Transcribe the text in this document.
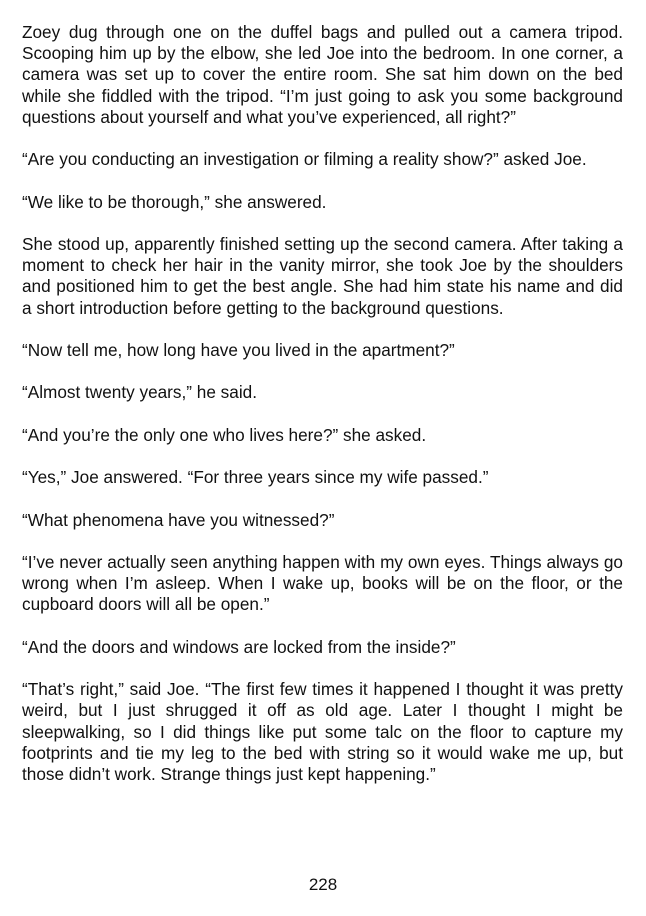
Zoey dug through one on the duffel bags and pulled out a camera tripod. Scooping him up by the elbow, she led Joe into the bedroom. In one corner, a camera was set up to cover the entire room. She sat him down on the bed while she fiddled with the tripod. “I’m just going to ask you some background questions about yourself and what you’ve experienced, all right?”

“Are you conducting an investigation or filming a reality show?” asked Joe.

“We like to be thorough,” she answered.

She stood up, apparently finished setting up the second camera. After taking a moment to check her hair in the vanity mirror, she took Joe by the shoulders and positioned him to get the best angle. She had him state his name and did a short introduction before getting to the background questions.

“Now tell me, how long have you lived in the apartment?”

“Almost twenty years,” he said.

“And you’re the only one who lives here?” she asked.

“Yes,” Joe answered. “For three years since my wife passed.”

“What phenomena have you witnessed?”

“I’ve never actually seen anything happen with my own eyes. Things always go wrong when I’m asleep. When I wake up, books will be on the floor, or the cupboard doors will all be open.”

“And the doors and windows are locked from the inside?”

“That’s right,” said Joe. “The first few times it happened I thought it was pretty weird, but I just shrugged it off as old age. Later I thought I might be sleepwalking, so I did things like put some talc on the floor to capture my footprints and tie my leg to the bed with string so it would wake me up, but those didn’t work. Strange things just kept happening.”

228
